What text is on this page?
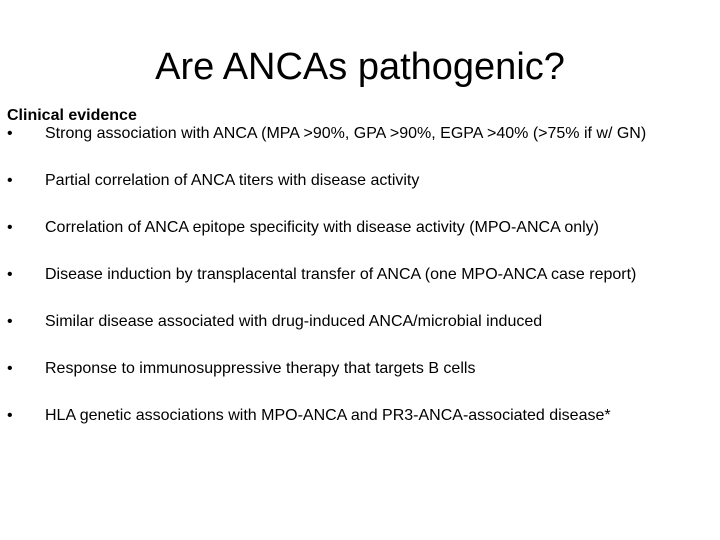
Are ANCAs pathogenic?

Clinical evidence

•	Strong association with ANCA (MPA >90%, GPA >90%, EGPA >40% (>75% if w/ GN)
•	Partial correlation of ANCA titers with disease activity
•	Correlation of ANCA epitope specificity with disease activity (MPO-ANCA only)
•	Disease induction by transplacental transfer of ANCA (one MPO-ANCA case report)
•	Similar disease associated with drug-induced ANCA/microbial induced
•	Response to immunosuppressive therapy that targets B cells
•	HLA genetic associations with MPO-ANCA and PR3-ANCA-associated disease*
